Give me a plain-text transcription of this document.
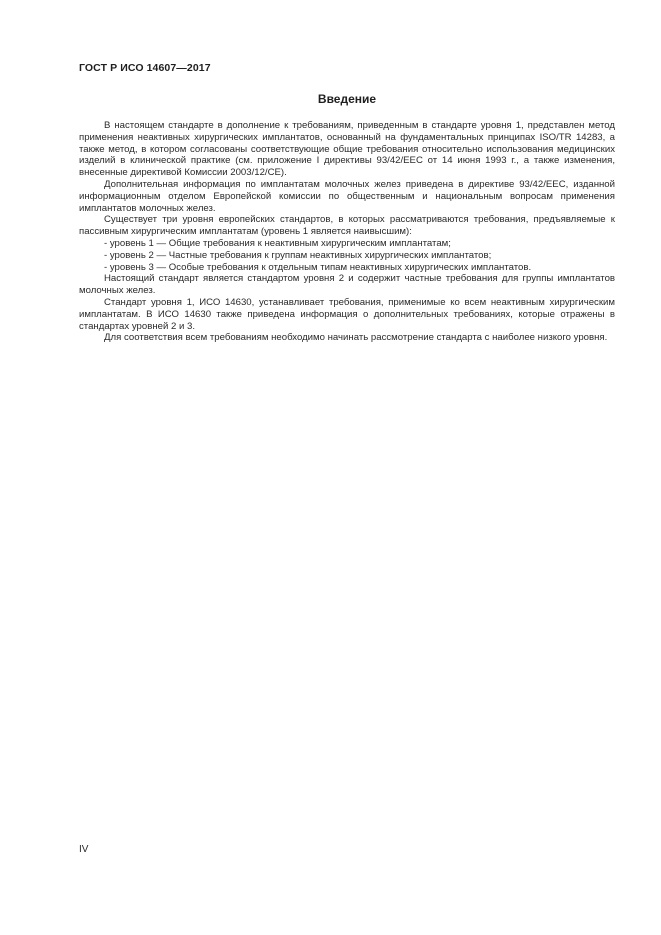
ГОСТ Р ИСО 14607—2017
Введение

В настоящем стандарте в дополнение к требованиям, приведенным в стандарте уровня 1, представлен метод применения неактивных хирургических имплантатов, основанный на фундаментальных принципах ISO/TR 14283, а также метод, в котором согласованы соответствующие общие требования относительно использования медицинских изделий в клинической практике (см. приложение I директивы 93/42/ЕЕС от 14 июня 1993 г., а также изменения, внесенные директивой Комиссии 2003/12/СЕ).

Дополнительная информация по имплантатам молочных желез приведена в директиве 93/42/ЕЕС, изданной информационным отделом Европейской комиссии по общественным и национальным вопросам применения имплантатов молочных желез.

Существует три уровня европейских стандартов, в которых рассматриваются требования, предъявляемые к пассивным хирургическим имплантатам (уровень 1 является наивысшим):

- уровень 1 — Общие требования к неактивным хирургическим имплантатам;

- уровень 2 — Частные требования к группам неактивных хирургических имплантатов;

- уровень 3 — Особые требования к отдельным типам неактивных хирургических имплантатов.

Настоящий стандарт является стандартом уровня 2 и содержит частные требования для группы имплантатов молочных желез.

Стандарт уровня 1, ИСО 14630, устанавливает требования, применимые ко всем неактивным хирургическим имплантатам. В ИСО 14630 также приведена информация о дополнительных требованиях, которые отражены в стандартах уровней 2 и 3.

Для соответствия всем требованиям необходимо начинать рассмотрение стандарта с наиболее низкого уровня.

IV
